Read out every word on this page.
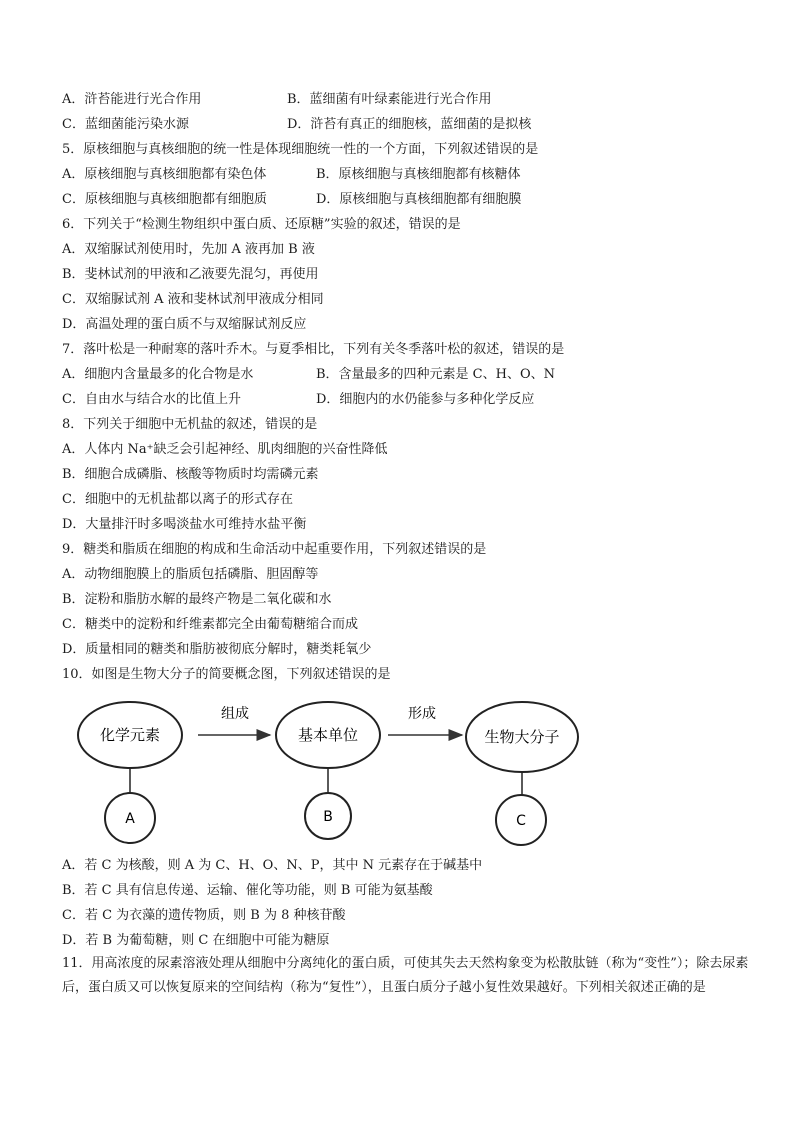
A．浒苔能进行光合作用	B．蓝细菌有叶绿素能进行光合作用
C．蓝细菌能污染水源	D．浒苔有真正的细胞核，蓝细菌的是拟核
5．原核细胞与真核细胞的统一性是体现细胞统一性的一个方面，下列叙述错误的是
A．原核细胞与真核细胞都有染色体	B．原核细胞与真核细胞都有核糖体
C．原核细胞与真核细胞都有细胞质	D．原核细胞与真核细胞都有细胞膜
6．下列关于“检测生物组织中蛋白质、还原糖”实验的叙述，错误的是
A．双缩脲试剂使用时，先加 A 液再加 B 液
B．斐林试剂的甲液和乙液要先混匀，再使用
C．双缩脲试剂 A 液和斐林试剂甲液成分相同
D．高温处理的蛋白质不与双缩脲试剂反应
7．落叶松是一种耐寒的落叶乔木。与夏季相比，下列有关冬季落叶松的叙述，错误的是
A．细胞内含量最多的化合物是水	B．含量最多的四种元素是 C、H、O、N
C．自由水与结合水的比值上升	D．细胞内的水仍能参与多种化学反应
8．下列关于细胞中无机盐的叙述，错误的是
A．人体内 Na⁺缺乏会引起神经、肌肉细胞的兴奋性降低
B．细胞合成磷脂、核酸等物质时均需磷元素
C．细胞中的无机盐都以离子的形式存在
D．大量排汗时多喝淡盐水可维持水盐平衡
9．糖类和脂质在细胞的构成和生命活动中起重要作用，下列叙述错误的是
A．动物细胞膜上的脂质包括磷脂、胆固醇等
B．淀粉和脂肪水解的最终产物是二氧化碳和水
C．糖类中的淀粉和纤维素都完全由葡萄糖缩合而成
D．质量相同的糖类和脂肪被彻底分解时，糖类耗氧少
10．如图是生物大分子的简要概念图，下列叙述错误的是
化学元素	基本单位	生物大分子
组成	形成
A	B	C
A．若 C 为核酸，则 A 为 C、H、O、N、P，其中 N 元素存在于碱基中
B．若 C 具有信息传递、运输、催化等功能，则 B 可能为氨基酸
C．若 C 为衣藻的遗传物质，则 B 为 8 种核苷酸
D．若 B 为葡萄糖，则 C 在细胞中可能为糖原
11．用高浓度的尿素溶液处理从细胞中分离纯化的蛋白质，可使其失去天然构象变为松散肽链（称为“变性”）；除去尿素后，蛋白质又可以恢复原来的空间结构（称为“复性”），且蛋白质分子越小复性效果越好。下列相关叙述正确的是
